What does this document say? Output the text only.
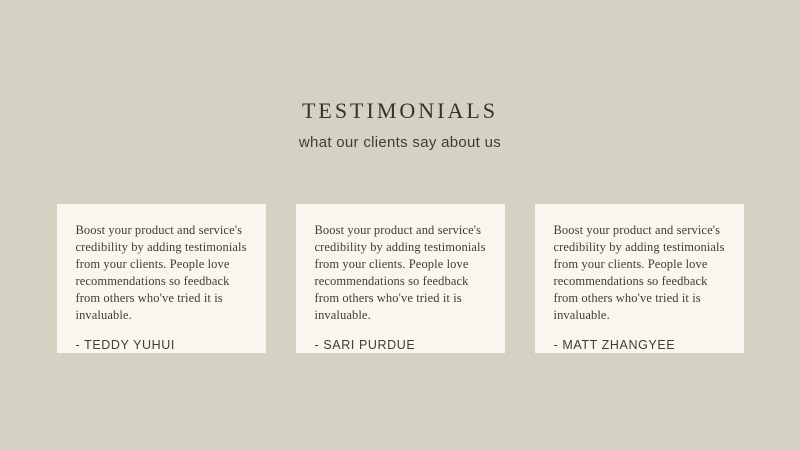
TESTIMONIALS

what our clients say about us

Boost your product and service's credibility by adding testimonials from your clients. People love recommendations so feedback from others who've tried it is invaluable.

- TEDDY YUHUI

Boost your product and service's credibility by adding testimonials from your clients. People love recommendations so feedback from others who've tried it is invaluable.

- SARI PURDUE

Boost your product and service's credibility by adding testimonials from your clients. People love recommendations so feedback from others who've tried it is invaluable.

- MATT ZHANGYEE
